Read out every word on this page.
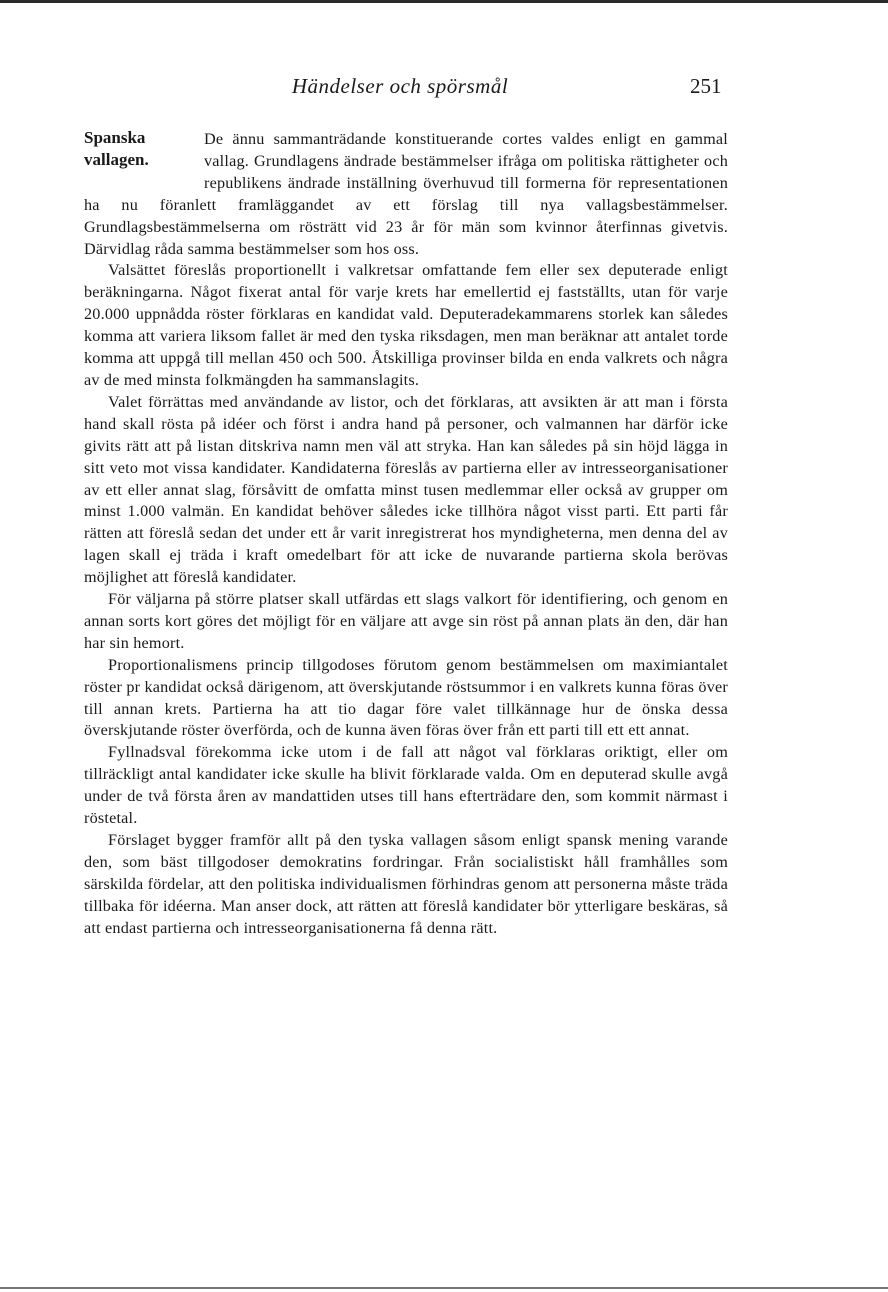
Händelser och spörsmål	251
Spanska
vallagen.

De ännu sammanträdande konstituerande cortes valdes enligt en gammal vallag. Grundlagens ändrade bestämmelser ifråga om politiska rättigheter och republikens ändrade inställning överhuvud till formerna för representationen ha nu föranlett framläggandet av ett förslag till nya vallagsbestämmelser. Grundlagsbestämmelserna om rösträtt vid 23 år för män som kvinnor återfinnas givetvis. Därvidlag råda samma bestämmelser som hos oss.

Valsättet föreslås proportionellt i valkretsar omfattande fem eller sex deputerade enligt beräkningarna. Något fixerat antal för varje krets har emellertid ej fastställts, utan för varje 20.000 uppnådda röster förklaras en kandidat vald. Deputeradekammarens storlek kan således komma att variera liksom fallet är med den tyska riksdagen, men man beräknar att antalet torde komma att uppgå till mellan 450 och 500. Åtskilliga provinser bilda en enda valkrets och några av de med minsta folkmängden ha sammanslagits.

Valet förrättas med användande av listor, och det förklaras, att avsikten är att man i första hand skall rösta på idéer och först i andra hand på personer, och valmannen har därför icke givits rätt att på listan ditskriva namn men väl att stryka. Han kan således på sin höjd lägga in sitt veto mot vissa kandidater. Kandidaterna föreslås av partierna eller av intresseorganisationer av ett eller annat slag, försåvitt de omfatta minst tusen medlemmar eller också av grupper om minst 1.000 valmän. En kandidat behöver således icke tillhöra något visst parti. Ett parti får rätten att föreslå sedan det under ett år varit inregistrerat hos myndigheterna, men denna del av lagen skall ej träda i kraft omedelbart för att icke de nuvarande partierna skola berövas möjlighet att föreslå kandidater.

För väljarna på större platser skall utfärdas ett slags valkort för identifiering, och genom en annan sorts kort göres det möjligt för en väljare att avge sin röst på annan plats än den, där han har sin hemort.

Proportionalismens princip tillgodoses förutom genom bestämmelsen om maximiantalet röster pr kandidat också därigenom, att överskjutande röstsummor i en valkrets kunna föras över till annan krets. Partierna ha att tio dagar före valet tillkännage hur de önska dessa överskjutande röster överförda, och de kunna även föras över från ett parti till ett ett annat.

Fyllnadsval förekomma icke utom i de fall att något val förklaras oriktigt, eller om tillräckligt antal kandidater icke skulle ha blivit förklarade valda. Om en deputerad skulle avgå under de två första åren av mandattiden utses till hans efterträdare den, som kommit närmast i röstetal.

Förslaget bygger framför allt på den tyska vallagen såsom enligt spansk mening varande den, som bäst tillgodoser demokratins fordringar. Från socialistiskt håll framhålles som särskilda fördelar, att den politiska individualismen förhindras genom att personerna måste träda tillbaka för idéerna. Man anser dock, att rätten att föreslå kandidater bör ytterligare beskäras, så att endast partierna och intresseorganisationerna få denna rätt.
